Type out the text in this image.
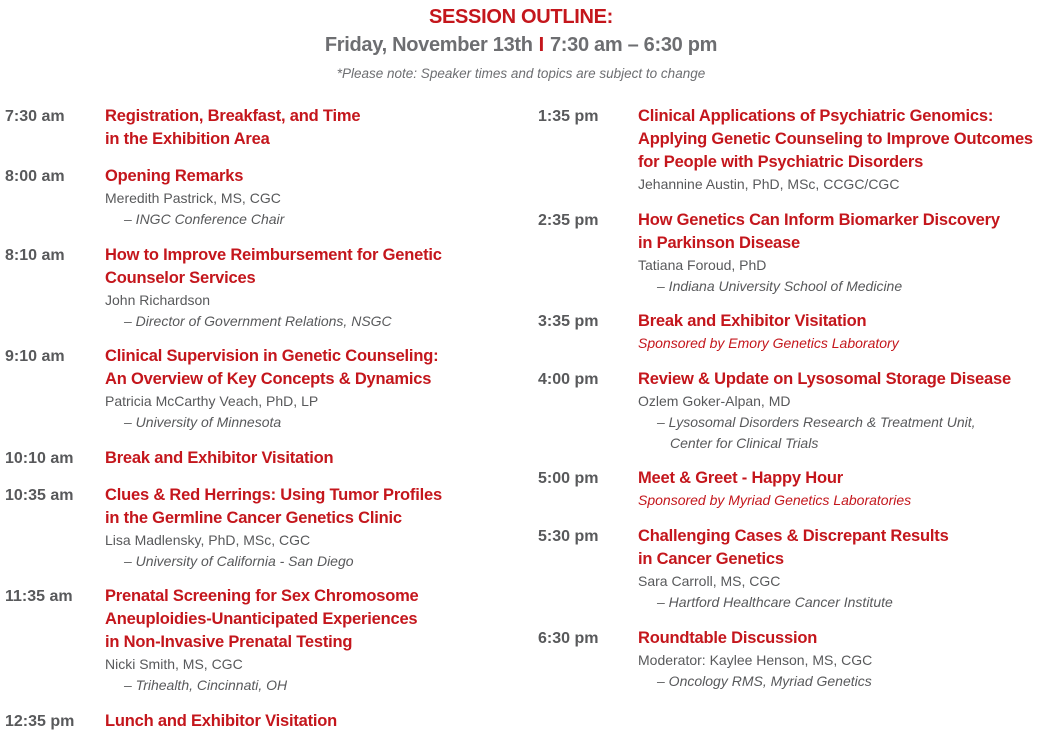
SESSION OUTLINE:
Friday, November 13th I 7:30 am – 6:30 pm
*Please note: Speaker times and topics are subject to change
7:30 am Registration, Breakfast, and Time
in the Exhibition Area
8:00 am Opening Remarks
Meredith Pastrick, MS, CGC
– INGC Conference Chair
8:10 am How to Improve Reimbursement for Genetic
Counselor Services
John Richardson
– Director of Government Relations, NSGC
9:10 am Clinical Supervision in Genetic Counseling:
An Overview of Key Concepts & Dynamics
Patricia McCarthy Veach, PhD, LP
– University of Minnesota
10:10 am Break and Exhibitor Visitation
10:35 am Clues & Red Herrings: Using Tumor Profiles
in the Germline Cancer Genetics Clinic
Lisa Madlensky, PhD, MSc, CGC
– University of California - San Diego
11:35 am Prenatal Screening for Sex Chromosome
Aneuploidies-Unanticipated Experiences
in Non-Invasive Prenatal Testing
Nicki Smith, MS, CGC
– Trihealth, Cincinnati, OH
12:35 pm Lunch and Exhibitor Visitation
1:35 pm Clinical Applications of Psychiatric Genomics:
Applying Genetic Counseling to Improve Outcomes
for People with Psychiatric Disorders
Jehannine Austin, PhD, MSc, CCGC/CGC
2:35 pm How Genetics Can Inform Biomarker Discovery
in Parkinson Disease
Tatiana Foroud, PhD
– Indiana University School of Medicine
3:35 pm Break and Exhibitor Visitation
Sponsored by Emory Genetics Laboratory
4:00 pm Review & Update on Lysosomal Storage Disease
Ozlem Goker-Alpan, MD
– Lysosomal Disorders Research & Treatment Unit,
Center for Clinical Trials
5:00 pm Meet & Greet - Happy Hour
Sponsored by Myriad Genetics Laboratories
5:30 pm Challenging Cases & Discrepant Results
in Cancer Genetics
Sara Carroll, MS, CGC
– Hartford Healthcare Cancer Institute
6:30 pm Roundtable Discussion
Moderator: Kaylee Henson, MS, CGC
– Oncology RMS, Myriad Genetics
